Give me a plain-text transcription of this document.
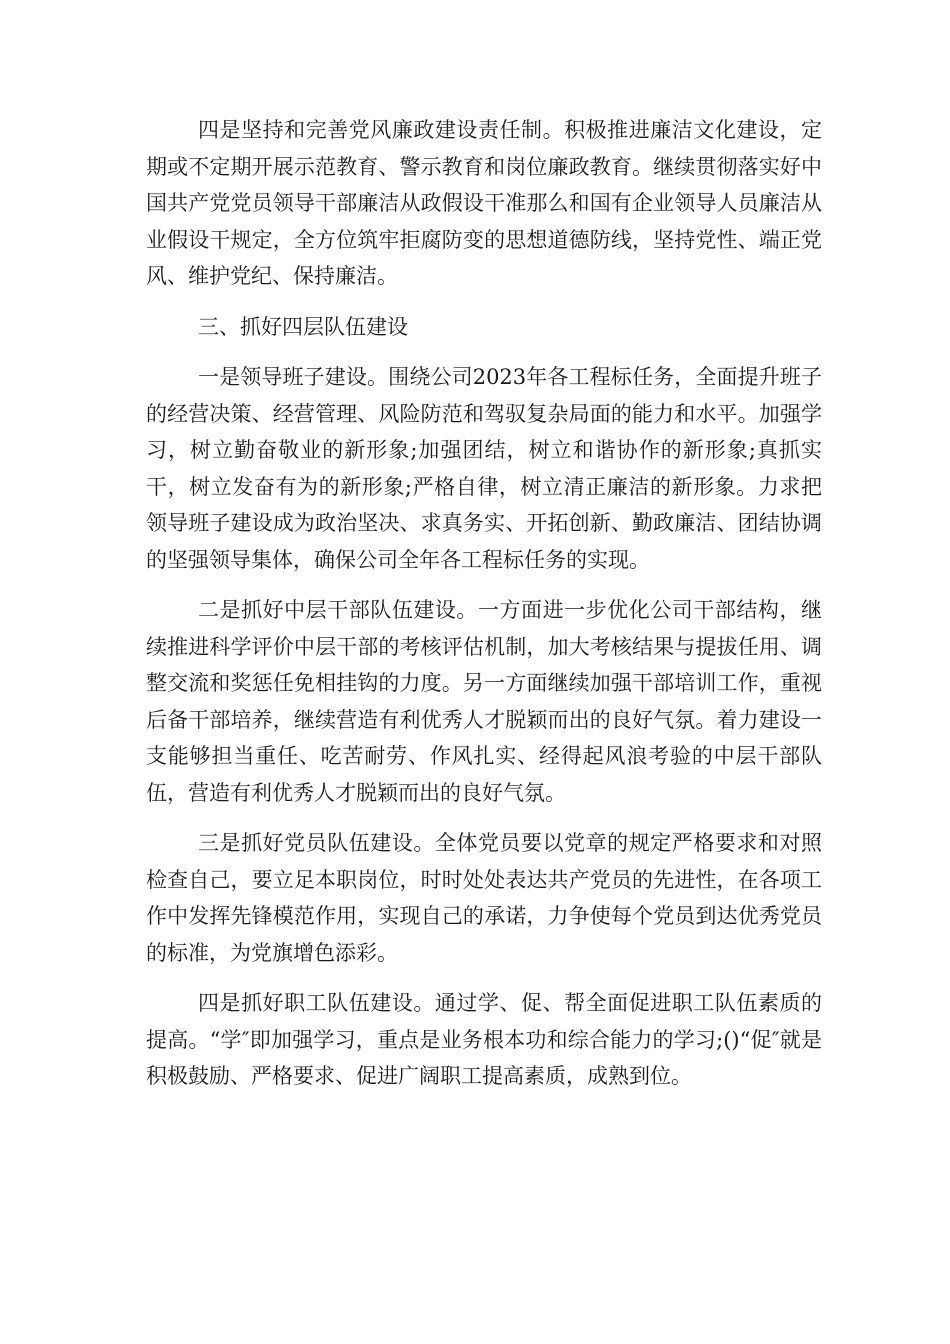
四是坚持和完善党风廉政建设责任制。积极推进廉洁文化建设，定期或不定期开展示范教育、警示教育和岗位廉政教育。继续贯彻落实好中国共产党党员领导干部廉洁从政假设干准那么和国有企业领导人员廉洁从业假设干规定，全方位筑牢拒腐防变的思想道德防线，坚持党性、端正党风、维护党纪、保持廉洁。

三、抓好四层队伍建设

一是领导班子建设。围绕公司2023年各工程标任务，全面提升班子的经营决策、经营管理、风险防范和驾驭复杂局面的能力和水平。加强学习，树立勤奋敬业的新形象;加强团结，树立和谐协作的新形象;真抓实干，树立发奋有为的新形象;严格自律，树立清正廉洁的新形象。力求把领导班子建设成为政治坚决、求真务实、开拓创新、勤政廉洁、团结协调的坚强领导集体，确保公司全年各工程标任务的实现。

二是抓好中层干部队伍建设。一方面进一步优化公司干部结构，继续推进科学评价中层干部的考核评估机制，加大考核结果与提拔任用、调整交流和奖惩任免相挂钩的力度。另一方面继续加强干部培训工作，重视后备干部培养，继续营造有利优秀人才脱颖而出的良好气氛。着力建设一支能够担当重任、吃苦耐劳、作风扎实、经得起风浪考验的中层干部队伍，营造有利优秀人才脱颖而出的良好气氛。

三是抓好党员队伍建设。全体党员要以党章的规定严格要求和对照检查自己，要立足本职岗位，时时处处表达共产党员的先进性，在各项工作中发挥先锋模范作用，实现自己的承诺，力争使每个党员到达优秀党员的标准，为党旗增色添彩。

四是抓好职工队伍建设。通过学、促、帮全面促进职工队伍素质的提高。“学″即加强学习，重点是业务根本功和综合能力的学习;()“促″就是积极鼓励、严格要求、促进广阔职工提高素质，成熟到位。
